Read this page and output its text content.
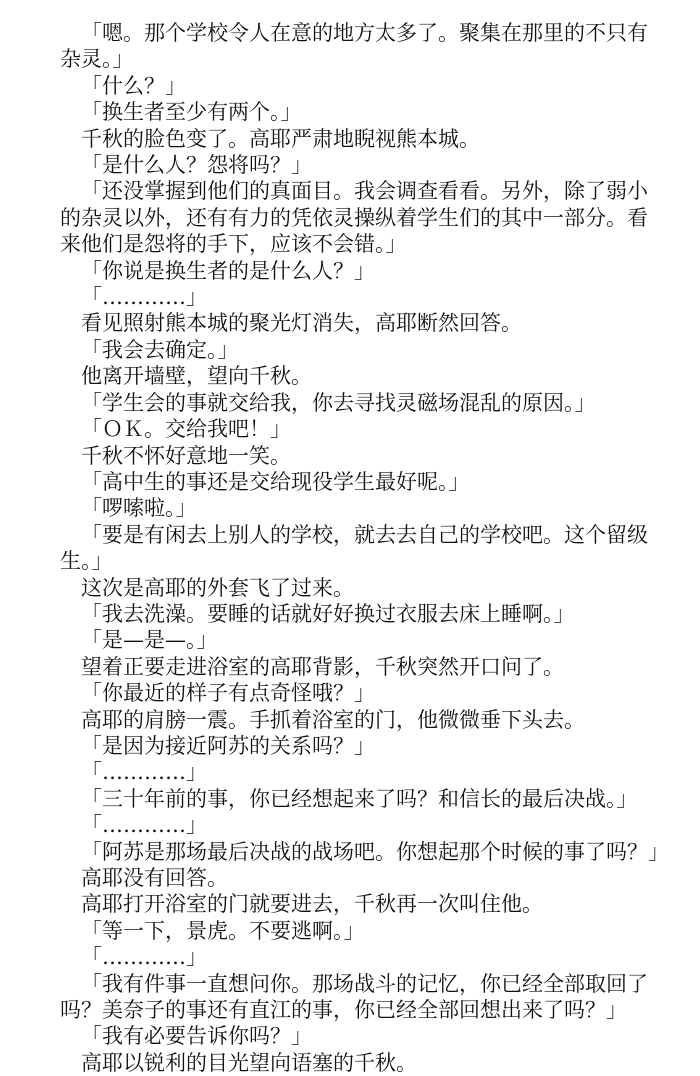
「嗯。那个学校令人在意的地方太多了。聚集在那里的不只有杂灵。」

「什么？」

「换生者至少有两个。」

千秋的脸色变了。高耶严肃地睨视熊本城。

「是什么人？怨将吗？」

「还没掌握到他们的真面目。我会调查看看。另外，除了弱小的杂灵以外，还有有力的凭依灵操纵着学生们的其中一部分。看来他们是怨将的手下，应该不会错。」

「你说是换生者的是什么人？」

「…………」

看见照射熊本城的聚光灯消失，高耶断然回答。

「我会去确定。」

他离开墙壁，望向千秋。

「学生会的事就交给我，你去寻找灵磁场混乱的原因。」

「ＯＫ。交给我吧！」

千秋不怀好意地一笑。

「高中生的事还是交给现役学生最好呢。」

「啰嗦啦。」

「要是有闲去上别人的学校，就去去自己的学校吧。这个留级生。」

这次是高耶的外套飞了过来。

「我去洗澡。要睡的话就好好换过衣服去床上睡啊。」

「是—是—。」

望着正要走进浴室的高耶背影，千秋突然开口问了。

「你最近的样子有点奇怪哦？」

高耶的肩膀一震。手抓着浴室的门，他微微垂下头去。

「是因为接近阿苏的关系吗？」

「…………」

「三十年前的事，你已经想起来了吗？和信长的最后决战。」

「…………」

「阿苏是那场最后决战的战场吧。你想起那个时候的事了吗？」

高耶没有回答。

高耶打开浴室的门就要进去，千秋再一次叫住他。

「等一下，景虎。不要逃啊。」

「…………」

「我有件事一直想问你。那场战斗的记忆，你已经全部取回了吗？美奈子的事还有直江的事，你已经全部回想出来了吗？」

「我有必要告诉你吗？」

高耶以锐利的目光望向语塞的千秋。
